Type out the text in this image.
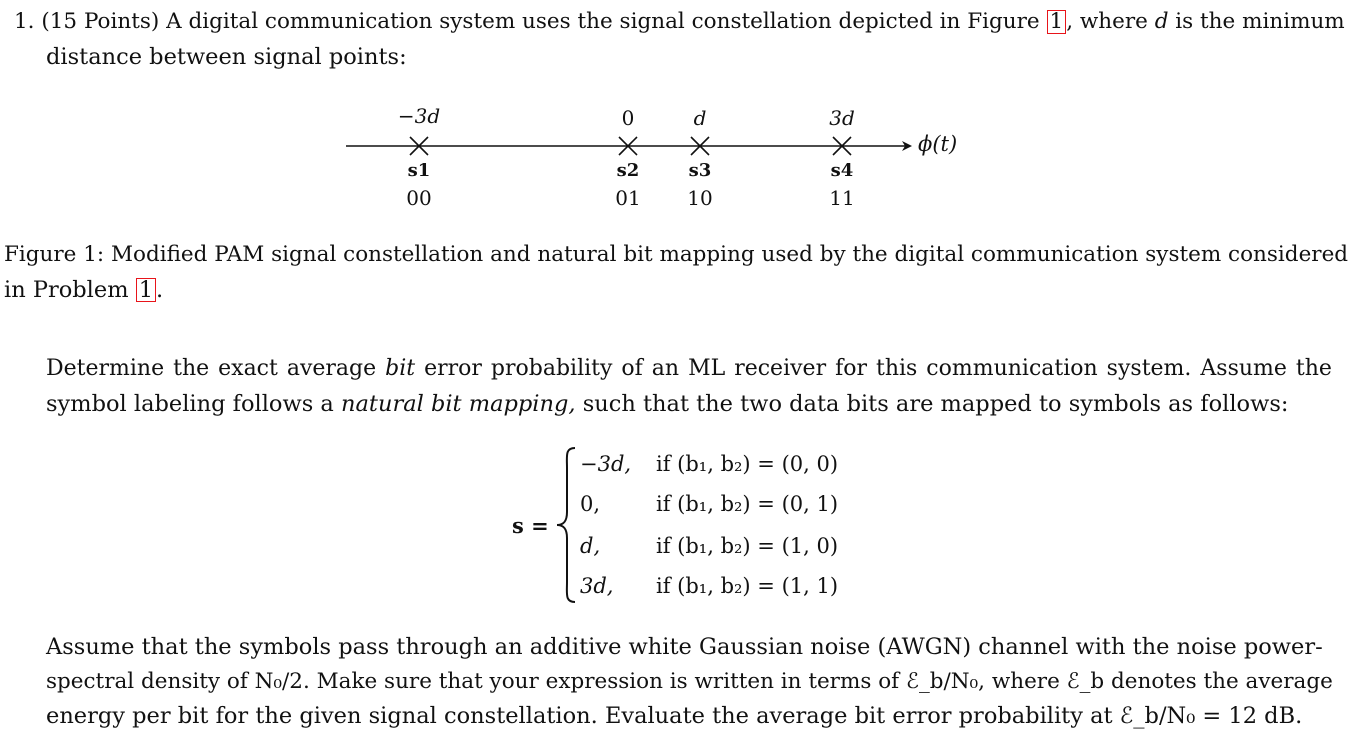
1. (15 Points) A digital communication system uses the signal constellation depicted in Figure 1 , where d is the minimum
distance between signal points:
−3d	0	d	3d
s1	s2	s3	s4
00	01 10	11
ϕ(t)
Figure 1: Modified PAM signal constellation and natural bit mapping used by the digital communication system considered
in Problem 1 .
Determine the exact average bit error probability of an ML receiver for this communication system. Assume the
symbol labeling follows a natural bit mapping, such that the two data bits are mapped to symbols as follows:
s =
−3d, if (b₁, b₂) = (0, 0)
0,	if (b₁, b₂) = (0, 1)
d,	if (b₁, b₂) = (1, 0)
3d, if (b₁, b₂) = (1, 1)
Assume that the symbols pass through an additive white Gaussian noise (AWGN) channel with the noise power-
spectral density of N₀/2. Make sure that your expression is written in terms of ℰ_b/N₀, where ℰ_b denotes the average
energy per bit for the given signal constellation. Evaluate the average bit error probability at ℰ_b/N₀ = 12 dB.
